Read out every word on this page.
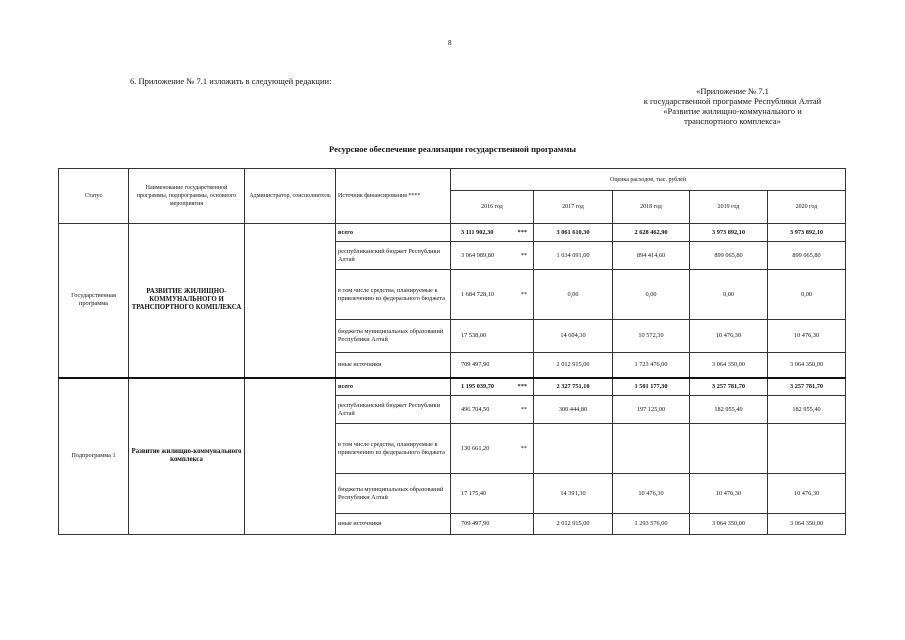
8
6. Приложение № 7.1 изложить в следующей редакции:
«Приложение № 7.1
к государственной программе Республики Алтай
«Развитие жилищно-коммунального и
транспортного комплекса»
Ресурсное обеспечение реализации государственной программы
Статус	Наименование государственной программы, подпрограммы, основного мероприятия	Администратор, соисполнитель	Источник финансирования ****	Оценка расходов, тыс. рублей				
				2016 год	2017 год	2018 год	2019 год	2020 год
Государственная программа	РАЗВИТИЕ ЖИЛИЩНО-КОММУНАЛЬНОГО И ТРАНСПОРТНОГО КОМПЛЕКСА		всего	3 111 902,30 ***	3 061 610,30	2 628 462,90	3 973 892,10	3 973 892,10
			республиканский бюджет Республики Алтай	3 064 989,80 **	1 034 091,00	894 414,60	899 065,80	899 065,80
			в том числе средства, планируемые к привлечению из федерального бюджета	1 684 728,10 **	0,00	0,00	0,00	0,00
			бюджеты муниципальных образований Республики Алтай	17 538,00	14 604,30	10 572,30	10 476,30	10 476,30
			иные источники	709 497,90	2 012 915,00	1 723 476,00	3 064 350,00	3 064 350,00
Подпрограмма 1	Развитие жилищно-коммунального комплекса		всего	1 195 039,70 ***	2 327 751,10	1 501 177,30	3 257 781,70	3 257 781,70
			республиканский бюджет Республики Алтай	496 704,50 **	300 444,80	197 125,00	182 955,40	182 955,40
			в том числе средства, планируемые к привлечению из федерального бюджета	130 661,20 **				

			бюджеты муниципальных образований Республики Алтай	17 175,40	14 391,30	10 476,30	10 476,30	10 476,30
			иные источники	709 497,90	2 012 915,00	1 293 576,00	3 064 350,00	3 064 350,00
